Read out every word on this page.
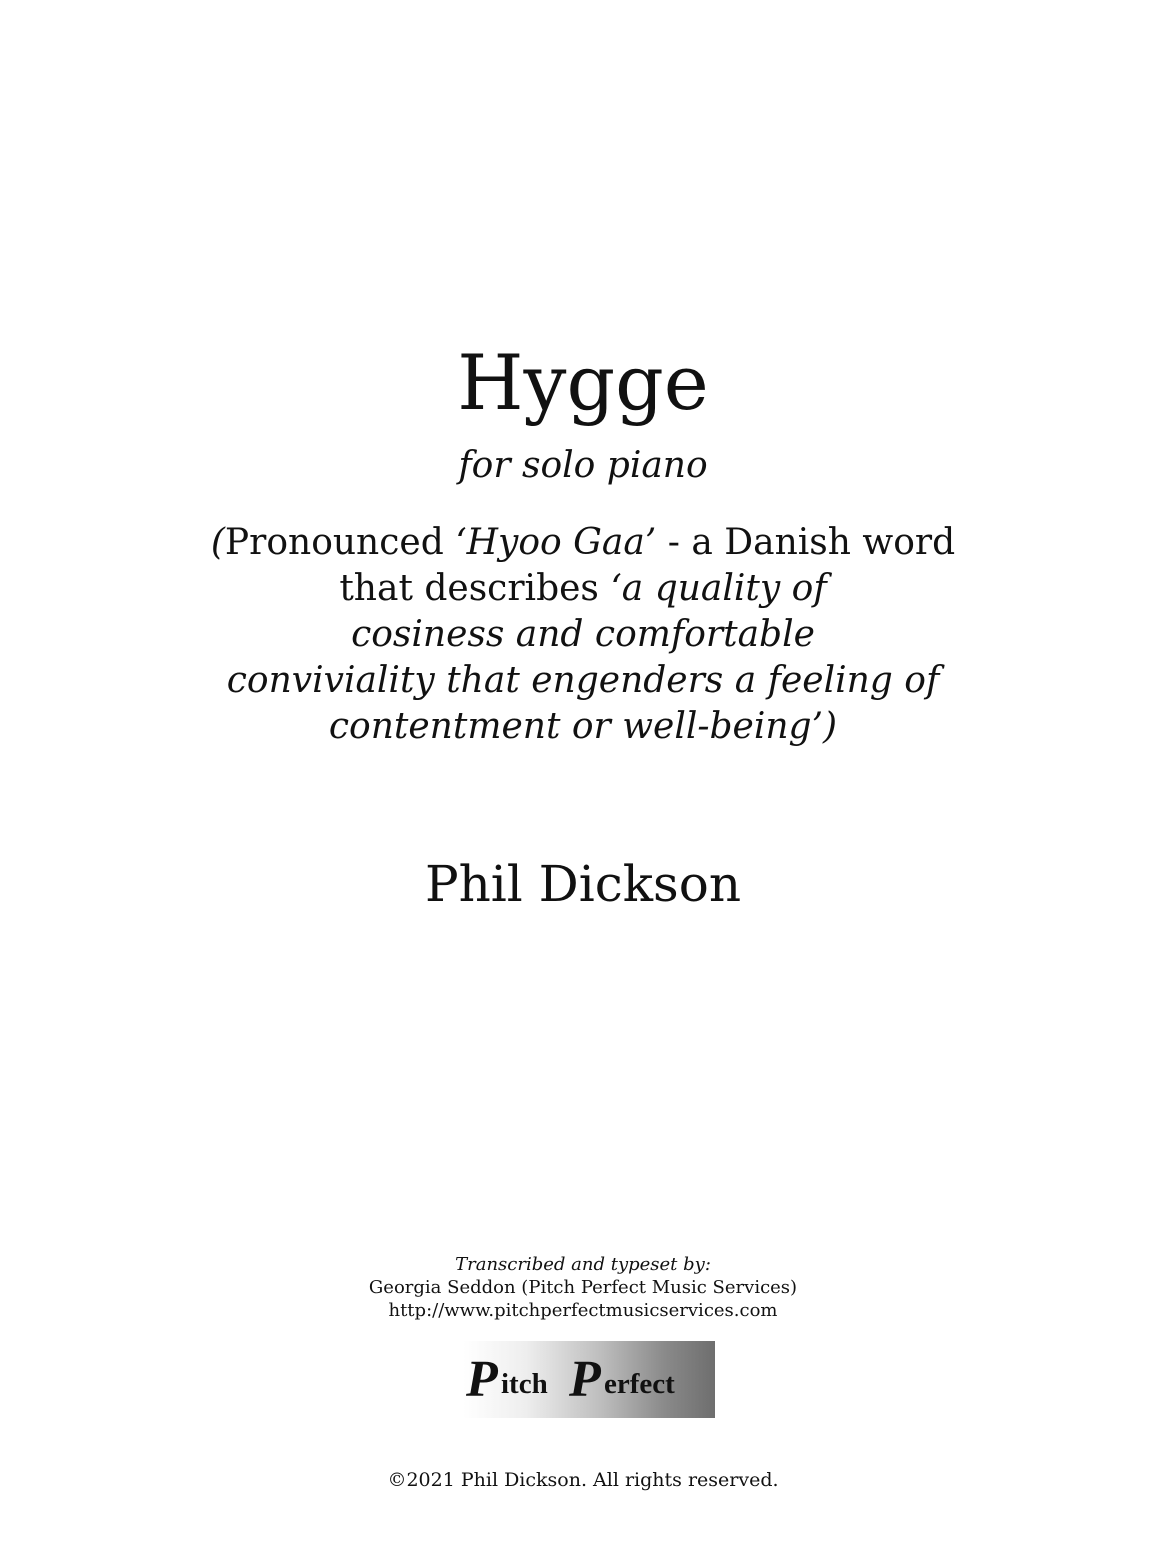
Hygge
for solo piano
(Pronounced ‘Hyoo Gaa’ - a Danish word
that describes ‘a quality of
cosiness and comfortable
conviviality that engenders a feeling of
contentment or well-being’)
Phil Dickson
Transcribed and typeset by:
Georgia Seddon (Pitch Perfect Music Services)
http://www.pitchperfectmusicservices.com
P itch P erfect
©2021 Phil Dickson. All rights reserved.
